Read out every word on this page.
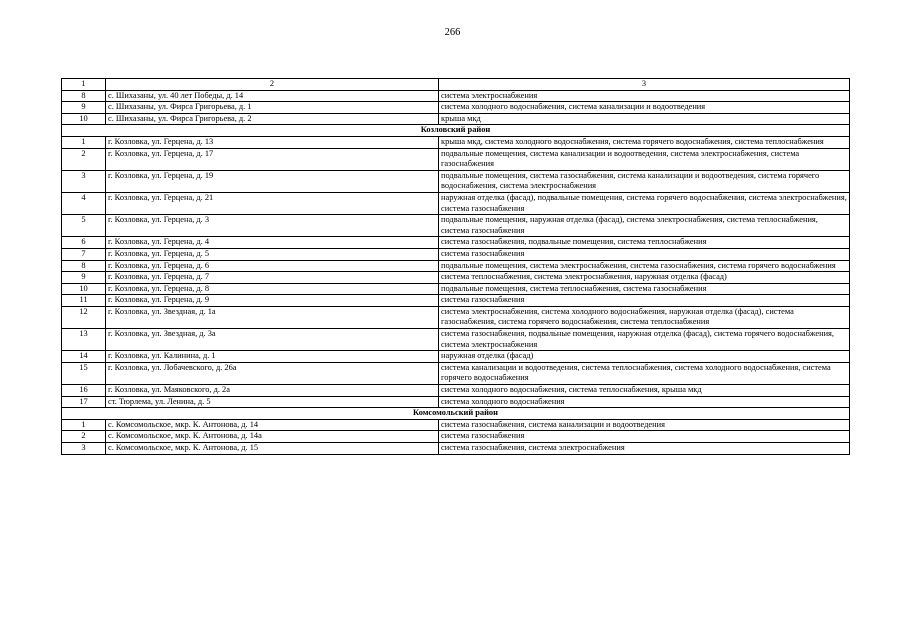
266
1	2	3
8	с. Шихазаны, ул. 40 лет Победы, д. 14	система электроснабжения
9	с. Шихазаны, ул. Фирса Григорьева, д. 1	система холодного водоснабжения, система канализации и водоотведения
10	с. Шихазаны, ул. Фирса Григорьева, д. 2	крыша мкд
Козловский район		
1	г. Козловка, ул. Герцена, д. 13	крыша мкд, система холодного водоснабжения, система горячего водоснабжения, система теплоснабжения
2	г. Козловка, ул. Герцена, д. 17	подвальные помещения, система канализации и водоотведения, система электроснабжения, система газоснабжения
3	г. Козловка, ул. Герцена, д. 19	подвальные помещения, система газоснабжения, система канализации и водоотведения, система горячего водоснабжения, система электроснабжения
4	г. Козловка, ул. Герцена, д. 21	наружная отделка (фасад), подвальные помещения, система горячего водоснабжения, система электроснабжения, система газоснабжения
5	г. Козловка, ул. Герцена, д. 3	подвальные помещения, наружная отделка (фасад), система электроснабжения, система теплоснабжения, система газоснабжения
6	г. Козловка, ул. Герцена, д. 4	система газоснабжения, подвальные помещения, система теплоснабжения
7	г. Козловка, ул. Герцена, д. 5	система газоснабжения
8	г. Козловка, ул. Герцена, д. 6	подвальные помещения, система электроснабжения, система газоснабжения, система горячего водоснабжения
9	г. Козловка, ул. Герцена, д. 7	система теплоснабжения, система электроснабжения, наружная отделка (фасад)
10	г. Козловка, ул. Герцена, д. 8	подвальные помещения, система теплоснабжения, система газоснабжения
11	г. Козловка, ул. Герцена, д. 9	система газоснабжения
12	г. Козловка, ул. Звездная, д. 1а	система электроснабжения, система холодного водоснабжения, наружная отделка (фасад), система газоснабжения, система горячего водоснабжения, система теплоснабжения
13	г. Козловка, ул. Звездная, д. 3а	система газоснабжения, подвальные помещения, наружная отделка (фасад), система горячего водоснабжения, система электроснабжения
14	г. Козловка, ул. Калинина, д. 1	наружная отделка (фасад)
15	г. Козловка, ул. Лобачевского, д. 26а	система канализации и водоотведения, система теплоснабжения, система холодного водоснабжения, система горячего водоснабжения
16	г. Козловка, ул. Маяковского, д. 2а	система холодного водоснабжения, система теплоснабжения, крыша мкд
17	ст. Тюрлема, ул. Ленина, д. 5	система холодного водоснабжения
Комсомольский район		
1	с. Комсомольское, мкр. К. Антонова, д. 14	система газоснабжения, система канализации и водоотведения
2	с. Комсомольское, мкр. К. Антонова, д. 14а	система газоснабжения
3	с. Комсомольское, мкр. К. Антонова, д. 15	система газоснабжения, система электроснабжения
